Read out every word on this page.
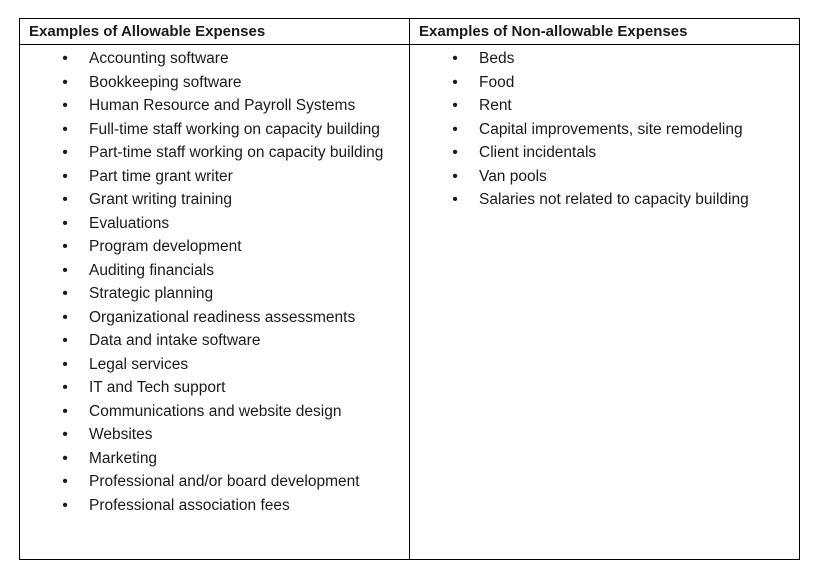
Examples of Allowable Expenses	Examples of Non-allowable Expenses
• Accounting software
• Bookkeeping software
• Human Resource and Payroll Systems
• Full-time staff working on capacity building
• Part-time staff working on capacity building
• Part time grant writer
• Grant writing training
• Evaluations
• Program development
• Auditing financials
• Strategic planning
• Organizational readiness assessments
• Data and intake software
• Legal services
• IT and Tech support
• Communications and website design
• Websites
• Marketing
• Professional and/or board development
• Professional association fees
• Beds
• Food
• Rent
• Capital improvements, site remodeling
• Client incidentals
• Van pools
• Salaries not related to capacity building
